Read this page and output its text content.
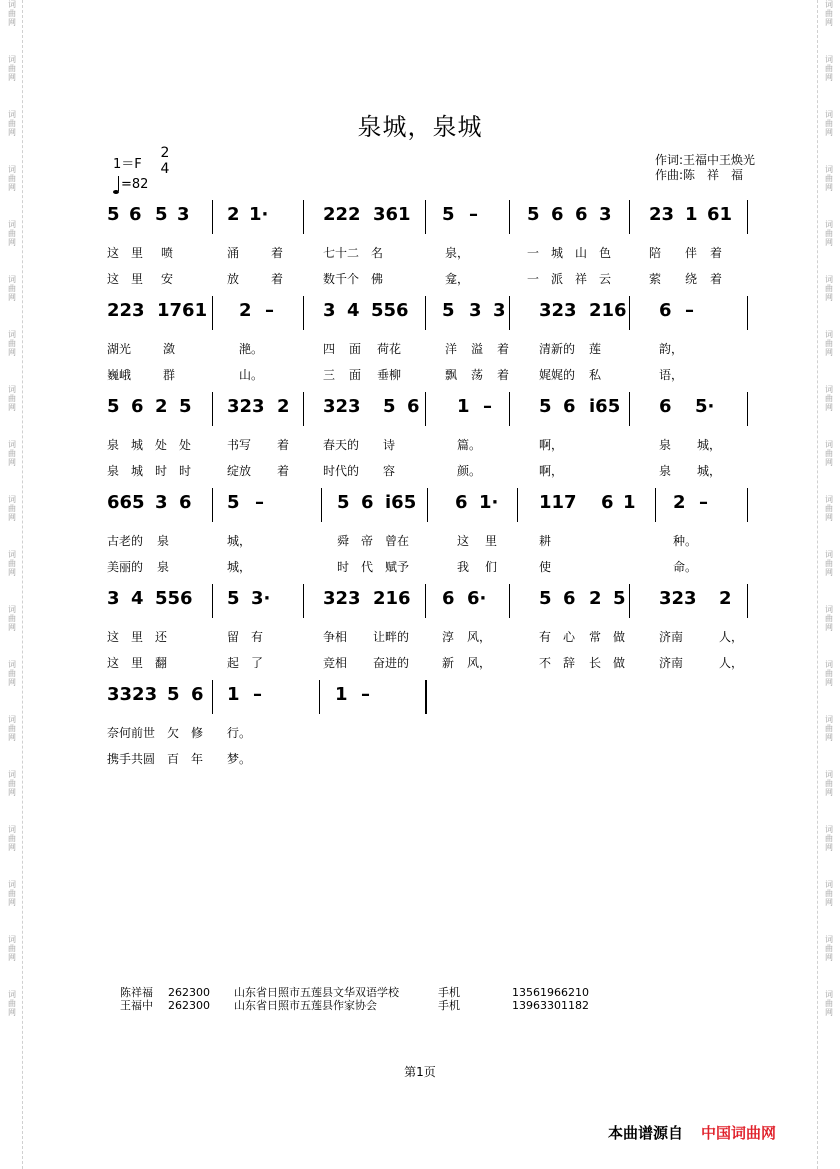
词
曲
网
词
曲
网
词
曲
网
词
曲
网
词
曲
网
词
曲
网
词
曲
网
词
曲
网
词
曲
网
词
曲
网
词
曲
网
词
曲
网
词
曲
网
词
曲
网
词
曲
网
词
曲
网
词
曲
网
词
曲
网
词
曲
网
词
曲
网
词
曲
网
词
曲
网
词
曲
网
词
曲
网
词
曲
网
词
曲
网
词
曲
网
词
曲
网
词
曲
网
词
曲
网
词
曲
网
词
曲
网
词
曲
网
词
曲
网
词
曲
网
词
曲
网
词
曲
网
词
曲
网
泉城，泉城
1＝F
2
4
=82
作词:王福中王焕光
作曲:陈　祥　福
5 6 5 3 2 1·	222 361 5 –	5 6 6 3 23 1 61
这 里 喷	涌	着	七十二 名	泉，	一 城 山 色	陪 伴 着
这 里 安	放	着	数千个 佛	龛，	一 派 祥 云	萦 绕 着
223 1761 2 –	3 4 556 5 3 3 323 216 6 –
湖光	潋	滟。	四 面 荷花	洋 溢 着 清新的 莲	韵，
巍峨	群	山。	三 面 垂柳	飘 荡 着 娓娓的 私	语，
5 6 2 5 323 2 323 5 6 1 –	5 6 i65 6 5·
泉 城 处 处	书写 着	春天的 诗	篇。	啊，	泉 城，
泉 城 时 时	绽放 着	时代的 容	颜。	啊，	泉 城，
665 3 6 5 –	5 6 i65 6 1· 117 6 1 2 –
古老的 泉	城，	舜 帝 曾在	这 里	耕	种。
美丽的 泉	城，	时 代 赋予	我 们	使	命。
3 4 556 5 3·	323 216 6 6·	5 6 2 5 323 2
这 里 还	留 有	争相 让畔的	淳 风，	有 心 常 做	济南	人，
这 里 翻	起 了	竞相 奋进的	新 风，	不 辞 长 做	济南	人，
3323 5 6 1 –	1 –
奈何前世 欠 修 行。
携手共圆 百 年 梦。
陈祥福 262300 山东省日照市五莲县文华双语学校	手机	13561966210
王福中 262300 山东省日照市五莲县作家协会	手机	13963301182
第1页
本曲谱源自 中国词曲网
